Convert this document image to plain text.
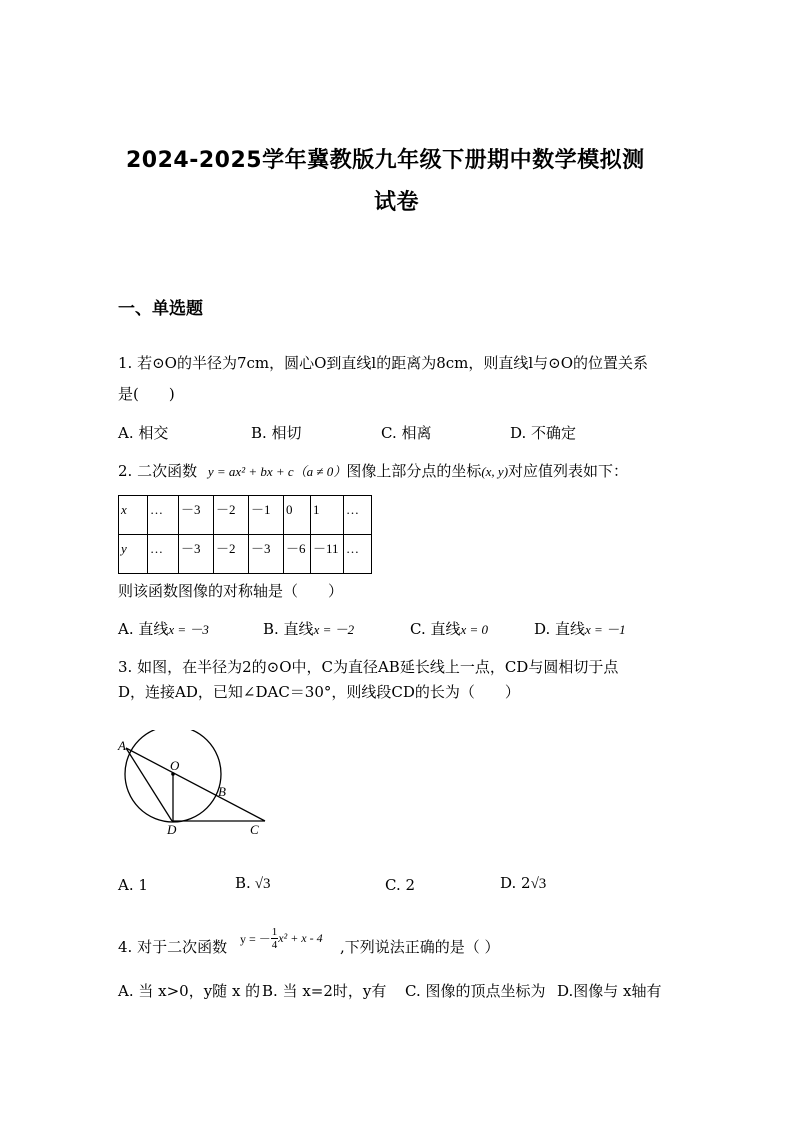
2024-2025学年冀教版九年级下册期中数学模拟测
试卷
一、单选题
1. 若⊙O的半径为7cm，圆心O到直线l的距离为8cm，则直线l与⊙O的位置关系
是(　　)
A. 相交	B. 相切	C. 相离	D. 不确定
2. 二次函数 y = ax² + bx + c（a ≠ 0）图像上部分点的坐标(x, y)对应值列表如下：
x	…	－3	－2	－1	0	1	…
y	…	－3	－2	－3	－6	－11	…
则该函数图像的对称轴是（　　）
A. 直线x = －3	B. 直线x = －2	C. 直线x = 0	D. 直线x = －1
3. 如图，在半径为2的⊙O中，C为直径AB延长线上一点，CD与圆相切于点
D，连接AD，已知∠DAC＝30°，则线段CD的长为（　　）
A
O
B
D	C
A. 1	B. √3	C. 2	D. 2√3
4. 对于二次函数 y = － $\frac{1}{4} x^2 + x - 4$ ,下列说法正确的是（ ）
A. 当 x>0，y随 x 的 B. 当 x=2时，y有 C. 图像的顶点坐标为 D.图像与 x轴有
